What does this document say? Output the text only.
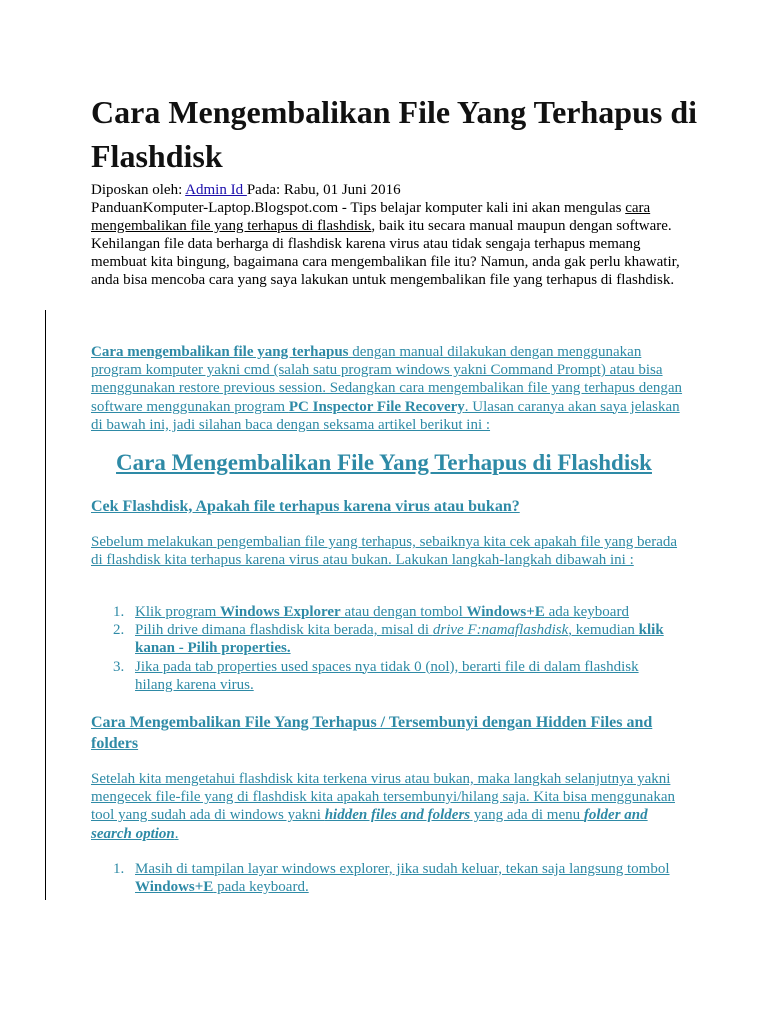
Cara Mengembalikan File Yang Terhapus di Flashdisk
Diposkan oleh: Admin Id Pada: Rabu, 01 Juni 2016
PanduanKomputer-Laptop.Blogspot.com - Tips belajar komputer kali ini akan mengulas cara mengembalikan file yang terhapus di flashdisk, baik itu secara manual maupun dengan software. Kehilangan file data berharga di flashdisk karena virus atau tidak sengaja terhapus memang membuat kita bingung, bagaimana cara mengembalikan file itu? Namun, anda gak perlu khawatir, anda bisa mencoba cara yang saya lakukan untuk mengembalikan file yang terhapus di flashdisk.
Cara mengembalikan file yang terhapus dengan manual dilakukan dengan menggunakan program komputer yakni cmd (salah satu program windows yakni Command Prompt) atau bisa menggunakan restore previous session. Sedangkan cara mengembalikan file yang terhapus dengan software menggunakan program PC Inspector File Recovery. Ulasan caranya akan saya jelaskan di bawah ini, jadi silahan baca dengan seksama artikel berikut ini :
Cara Mengembalikan File Yang Terhapus di Flashdisk
Cek Flashdisk, Apakah file terhapus karena virus atau bukan?
Sebelum melakukan pengembalian file yang terhapus, sebaiknya kita cek apakah file yang berada di flashdisk kita terhapus karena virus atau bukan. Lakukan langkah-langkah dibawah ini :
1. Klik program Windows Explorer atau dengan tombol Windows+E ada keyboard
2. Pilih drive dimana flashdisk kita berada, misal di drive F:namaflashdisk, kemudian klik kanan - Pilih properties.
3. Jika pada tab properties used spaces nya tidak 0 (nol), berarti file di dalam flashdisk hilang karena virus.
Cara Mengembalikan File Yang Terhapus / Tersembunyi dengan Hidden Files and folders
Setelah kita mengetahui flashdisk kita terkena virus atau bukan, maka langkah selanjutnya yakni mengecek file-file yang di flashdisk kita apakah tersembunyi/hilang saja. Kita bisa menggunakan tool yang sudah ada di windows yakni hidden files and folders yang ada di menu folder and search option.
1. Masih di tampilan layar windows explorer, jika sudah keluar, tekan saja langsung tombol Windows+E pada keyboard.
